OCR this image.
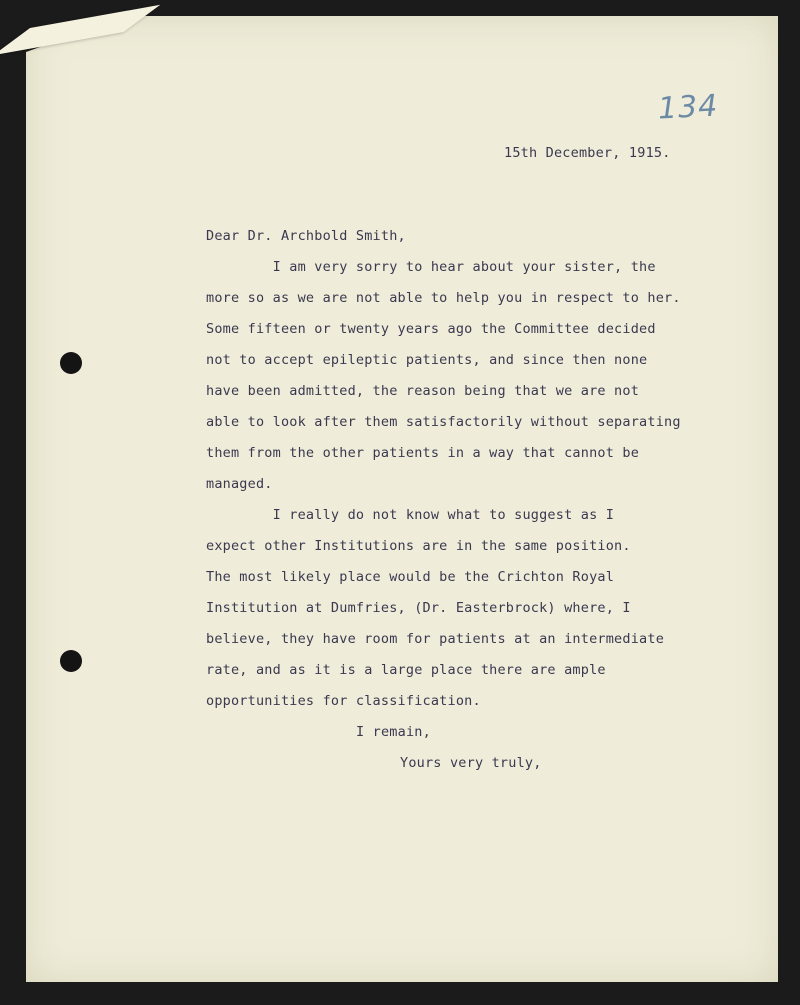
134
15th December, 1915.
Dear Dr. Archbold Smith,
I am very sorry to hear about your sister, the
more so as we are not able to help you in respect to her.
Some fifteen or twenty years ago the Committee decided
not to accept epileptic patients, and since then none
have been admitted, the reason being that we are not
able to look after them satisfactorily without separating
them from the other patients in a way that cannot be
managed.
I really do not know what to suggest as I
expect other Institutions are in the same position.
The most likely place would be the Crichton Royal
Institution at Dumfries, (Dr. Easterbrock) where, I
believe, they have room for patients at an intermediate
rate, and as it is a large place there are ample
opportunities for classification.
I remain,
Yours very truly,
